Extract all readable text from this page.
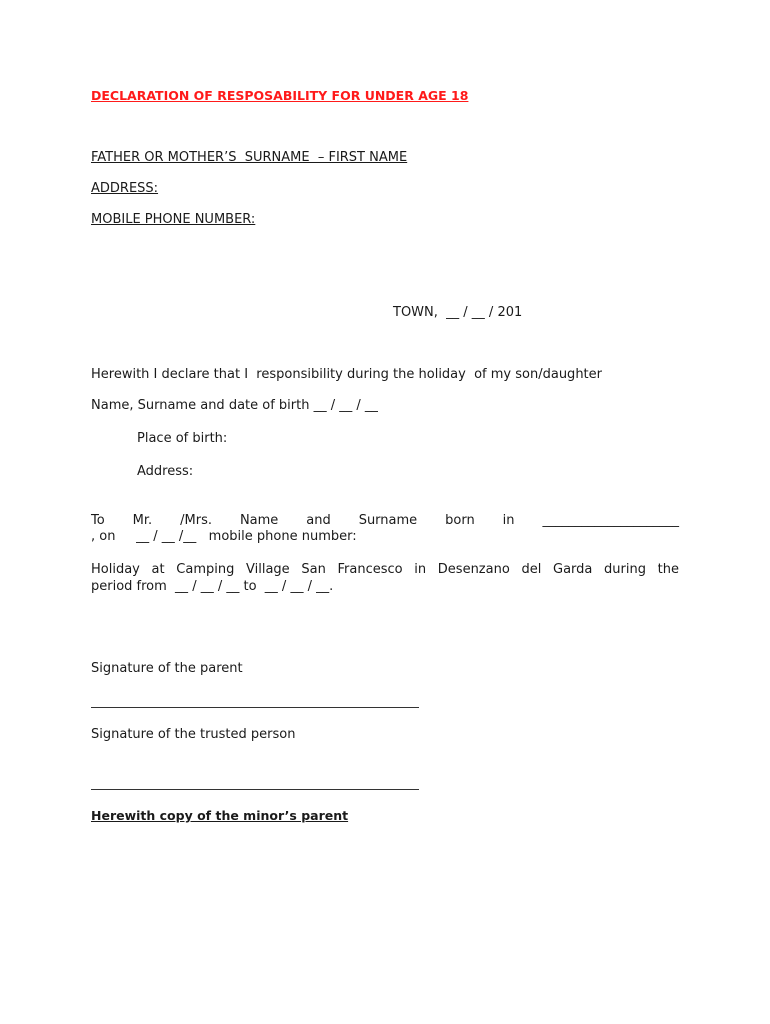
DECLARATION OF RESPOSABILITY FOR UNDER AGE 18
FATHER OR MOTHER’S  SURNAME  – FIRST NAME
ADDRESS:
MOBILE PHONE NUMBER:
TOWN,  __ / __ / 201
Herewith I declare that I  responsibility during the holiday  of my son/daughter
Name, Surname and date of birth __ / __ / __
Place of birth:
Address:
To Mr. /Mrs. Name and Surname born in _____________________
, on     __ / __ /__   mobile phone number:
Holiday at Camping Village San Francesco in Desenzano del Garda during the
period from  __ / __ / __ to  __ / __ / __.
Signature of the parent
Signature of the trusted person
Herewith copy of the minor’s parent
